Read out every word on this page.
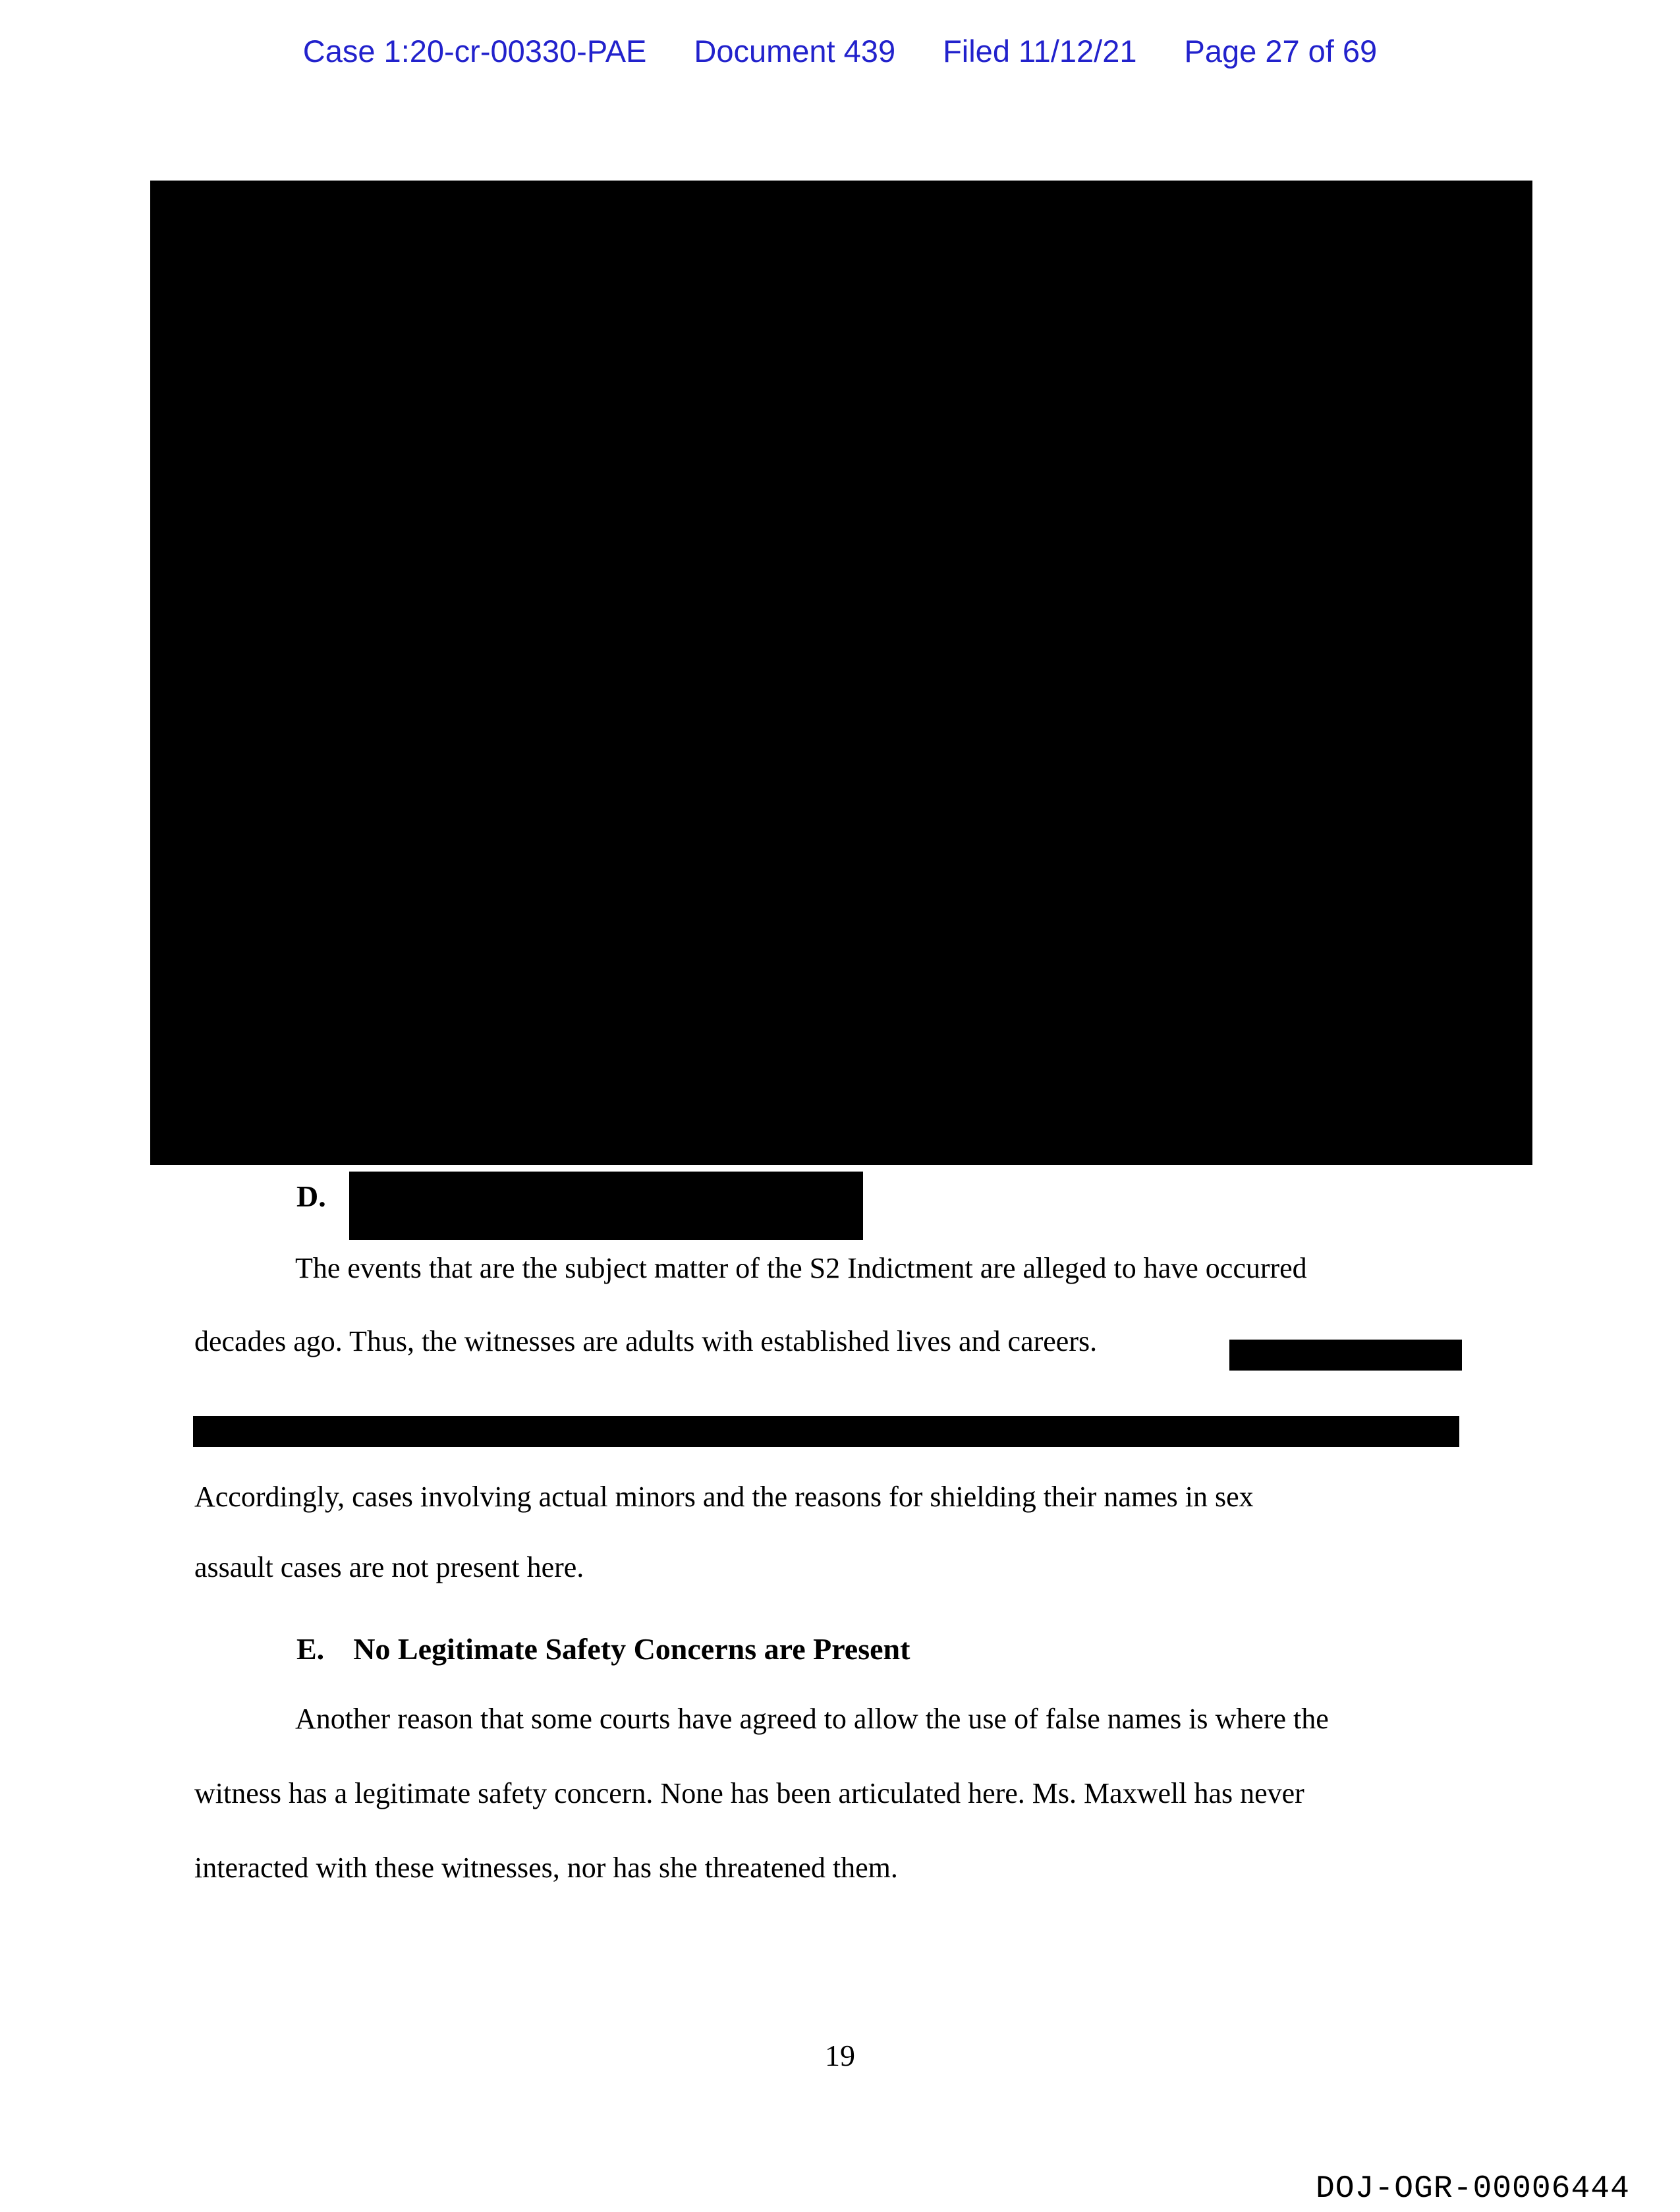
Case 1:20-cr-00330-PAE Document 439 Filed 11/12/21 Page 27 of 69
D.
The events that are the subject matter of the S2 Indictment are alleged to have occurred
decades ago. Thus, the witnesses are adults with established lives and careers.
Accordingly, cases involving actual minors and the reasons for shielding their names in sex
assault cases are not present here.
E. No Legitimate Safety Concerns are Present
Another reason that some courts have agreed to allow the use of false names is where the
witness has a legitimate safety concern. None has been articulated here. Ms. Maxwell has never
interacted with these witnesses, nor has she threatened them.
19
DOJ-OGR-00006444
